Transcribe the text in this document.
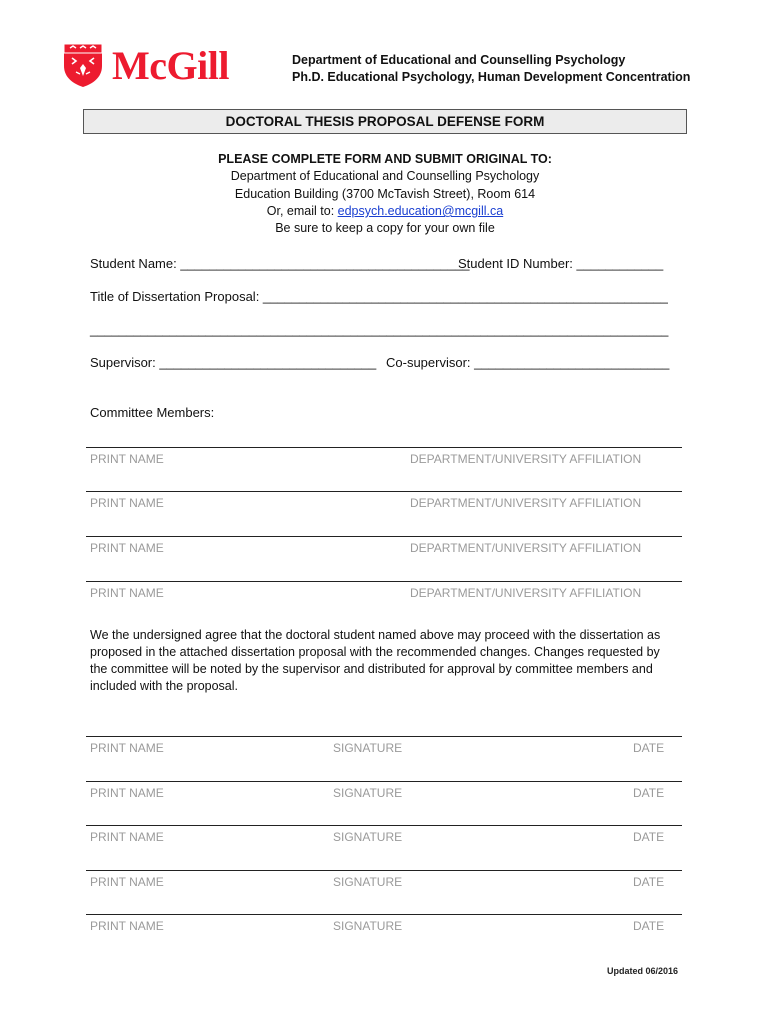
McGill	Department of Educational and Counselling Psychology
Ph.D. Educational Psychology, Human Development Concentration
DOCTORAL THESIS PROPOSAL DEFENSE FORM
PLEASE COMPLETE FORM AND SUBMIT ORIGINAL TO:
Department of Educational and Counselling Psychology
Education Building (3700 McTavish Street), Room 614
Or, email to: edpsych.education@mcgill.ca
Be sure to keep a copy for your own file
Student Name: ________________________________________
Student ID Number: ____________
Title of Dissertation Proposal: ________________________________________________________
________________________________________________________________________________
Supervisor: ______________________________ Co-supervisor: ___________________________
Committee Members:
PRINT NAME	DEPARTMENT/UNIVERSITY AFFILIATION
PRINT NAME	DEPARTMENT/UNIVERSITY AFFILIATION
PRINT NAME	DEPARTMENT/UNIVERSITY AFFILIATION
PRINT NAME	DEPARTMENT/UNIVERSITY AFFILIATION
We the undersigned agree that the doctoral student named above may proceed with the dissertation as
proposed in the attached dissertation proposal with the recommended changes. Changes requested by
the committee will be noted by the supervisor and distributed for approval by committee members and
included with the proposal.
PRINT NAME	SIGNATURE	DATE
PRINT NAME	SIGNATURE	DATE
PRINT NAME	SIGNATURE	DATE
PRINT NAME	SIGNATURE	DATE
PRINT NAME	SIGNATURE	DATE
Updated 06/2016
